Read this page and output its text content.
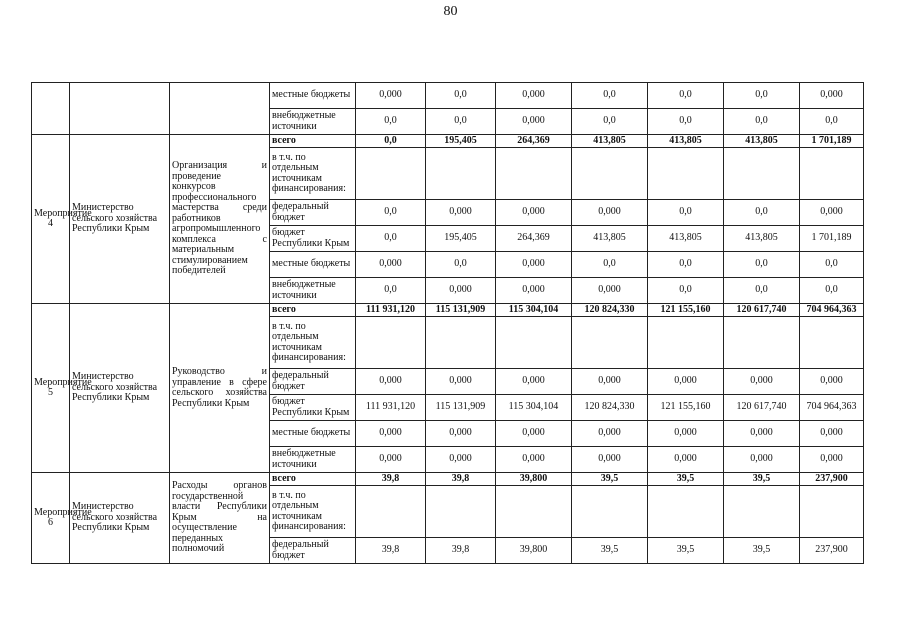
80
			местные бюджеты	0,000	0,0	0,000	0,0	0,0	0,0	0,000
			внебюджетные источники	0,0	0,0	0,000	0,0	0,0	0,0	0,0
Мероприятие 4	Министерство сельского хозяйства Республики Крым	Организация и проведение конкурсов профессионального мастерства среди работников агропромышленного комплекса с материальным стимулированием победителей	всего	0,0	195,405	264,369	413,805	413,805	413,805	1 701,189
			в т.ч. по отдельным источникам финансирования:							
			федеральный бюджет	0,0	0,000	0,000	0,000	0,0	0,0	0,000
			бюджет Республики Крым	0,0	195,405	264,369	413,805	413,805	413,805	1 701,189
			местные бюджеты	0,000	0,0	0,000	0,0	0,0	0,0	0,0
			внебюджетные источники	0,0	0,000	0,000	0,000	0,0	0,0	0,0
Мероприятие 5	Министерство сельского хозяйства Республики Крым	Руководство и управление в сфере сельского хозяйства Республики Крым	всего	111 931,120	115 131,909	115 304,104	120 824,330	121 155,160	120 617,740	704 964,363
			в т.ч. по отдельным источникам финансирования:							
			федеральный бюджет	0,000	0,000	0,000	0,000	0,000	0,000	0,000
			бюджет Республики Крым	111 931,120	115 131,909	115 304,104	120 824,330	121 155,160	120 617,740	704 964,363
			местные бюджеты	0,000	0,000	0,000	0,000	0,000	0,000	0,000
			внебюджетные источники	0,000	0,000	0,000	0,000	0,000	0,000	0,000
Мероприятие 6	Министерство сельского хозяйства Республики Крым	Расходы органов государственной власти Республики Крым на осуществление переданных полномочий	всего	39,8	39,8	39,800	39,5	39,5	39,5	237,900
			в т.ч. по отдельным источникам финансирования:							
			федеральный бюджет	39,8	39,8	39,800	39,5	39,5	39,5	237,900
